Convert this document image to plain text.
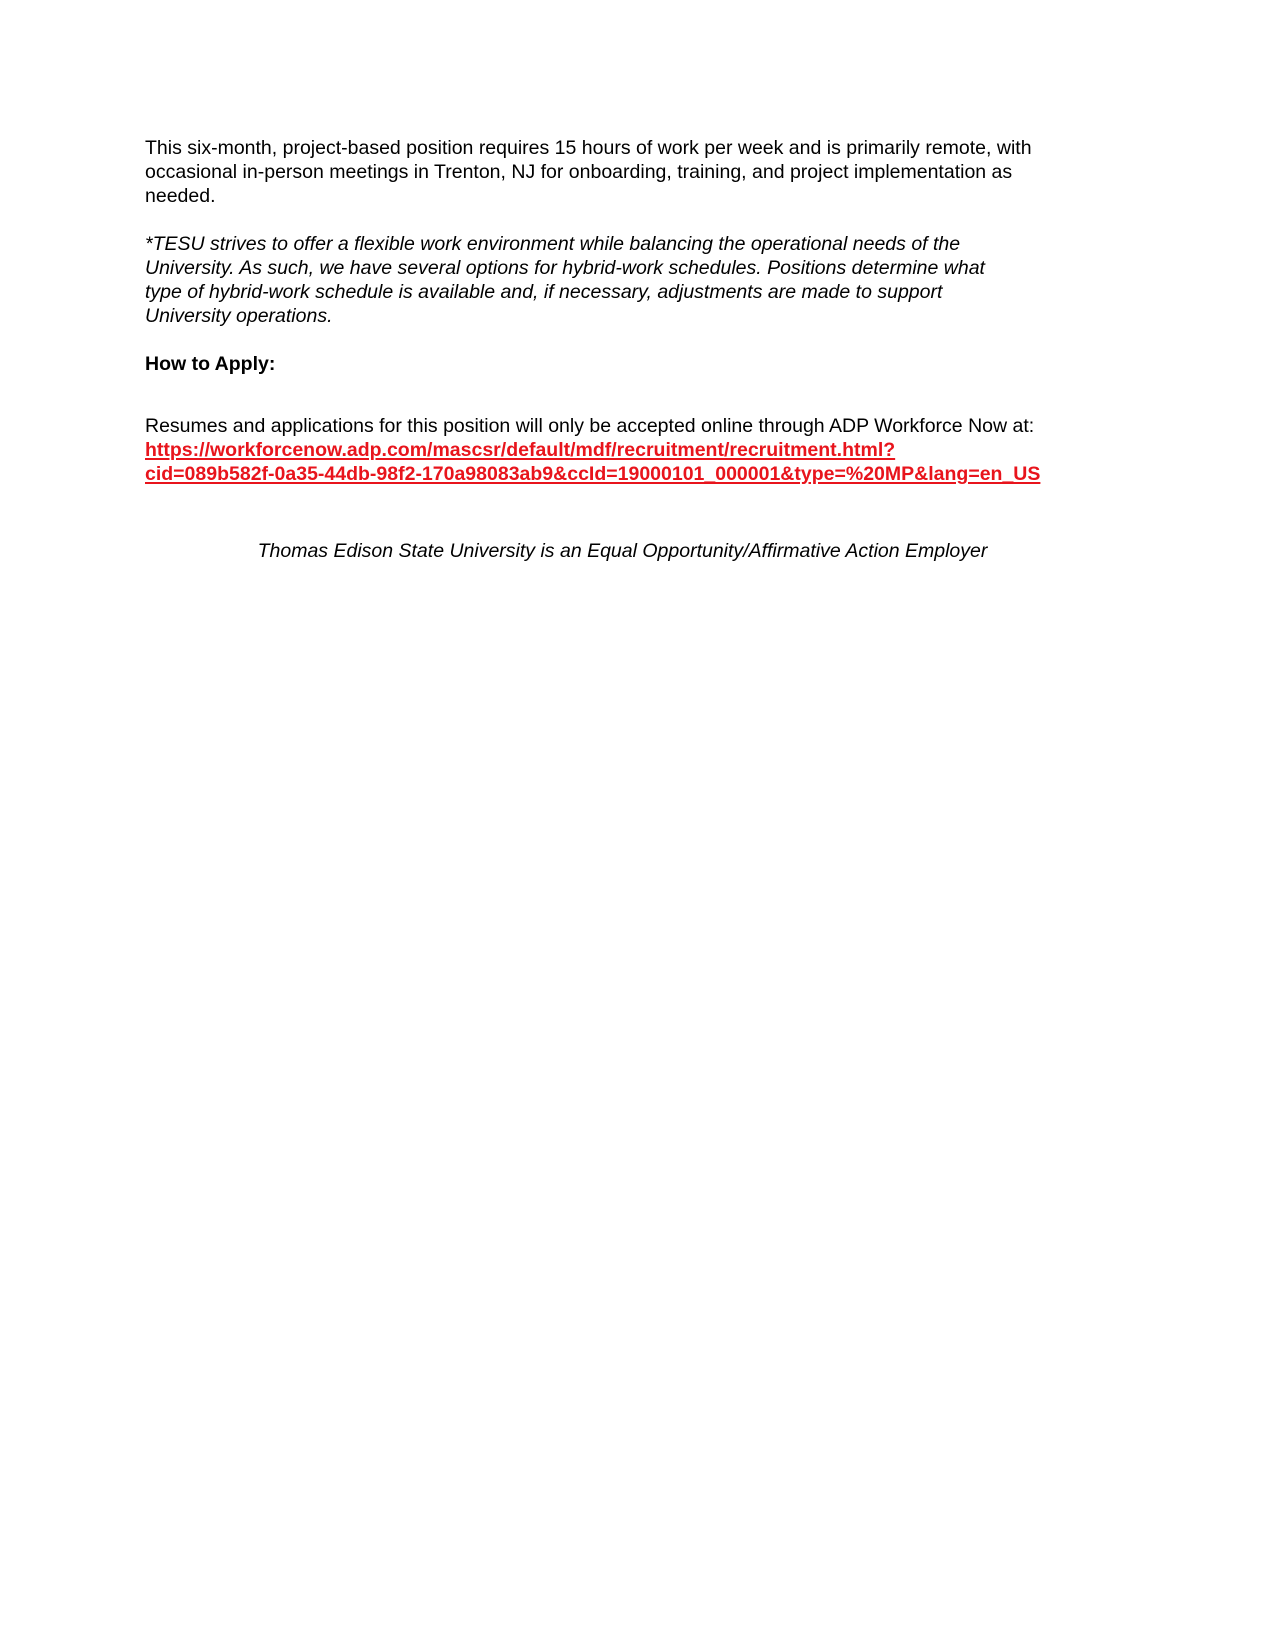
This six-month, project-based position requires 15 hours of work per week and is primarily remote, with
occasional in-person meetings in Trenton, NJ for onboarding, training, and project implementation as
needed.

*TESU strives to offer a flexible work environment while balancing the operational needs of the
University. As such, we have several options for hybrid-work schedules. Positions determine what
type of hybrid-work schedule is available and, if necessary, adjustments are made to support
University operations.

How to Apply:

Resumes and applications for this position will only be accepted online through ADP Workforce Now at:

https://workforcenow.adp.com/mascsr/default/mdf/recruitment/recruitment.html?
cid=089b582f-0a35-44db-98f2-170a98083ab9&ccId=19000101_000001&type=%20MP&lang=en_US

Thomas Edison State University is an Equal Opportunity/Affirmative Action Employer
